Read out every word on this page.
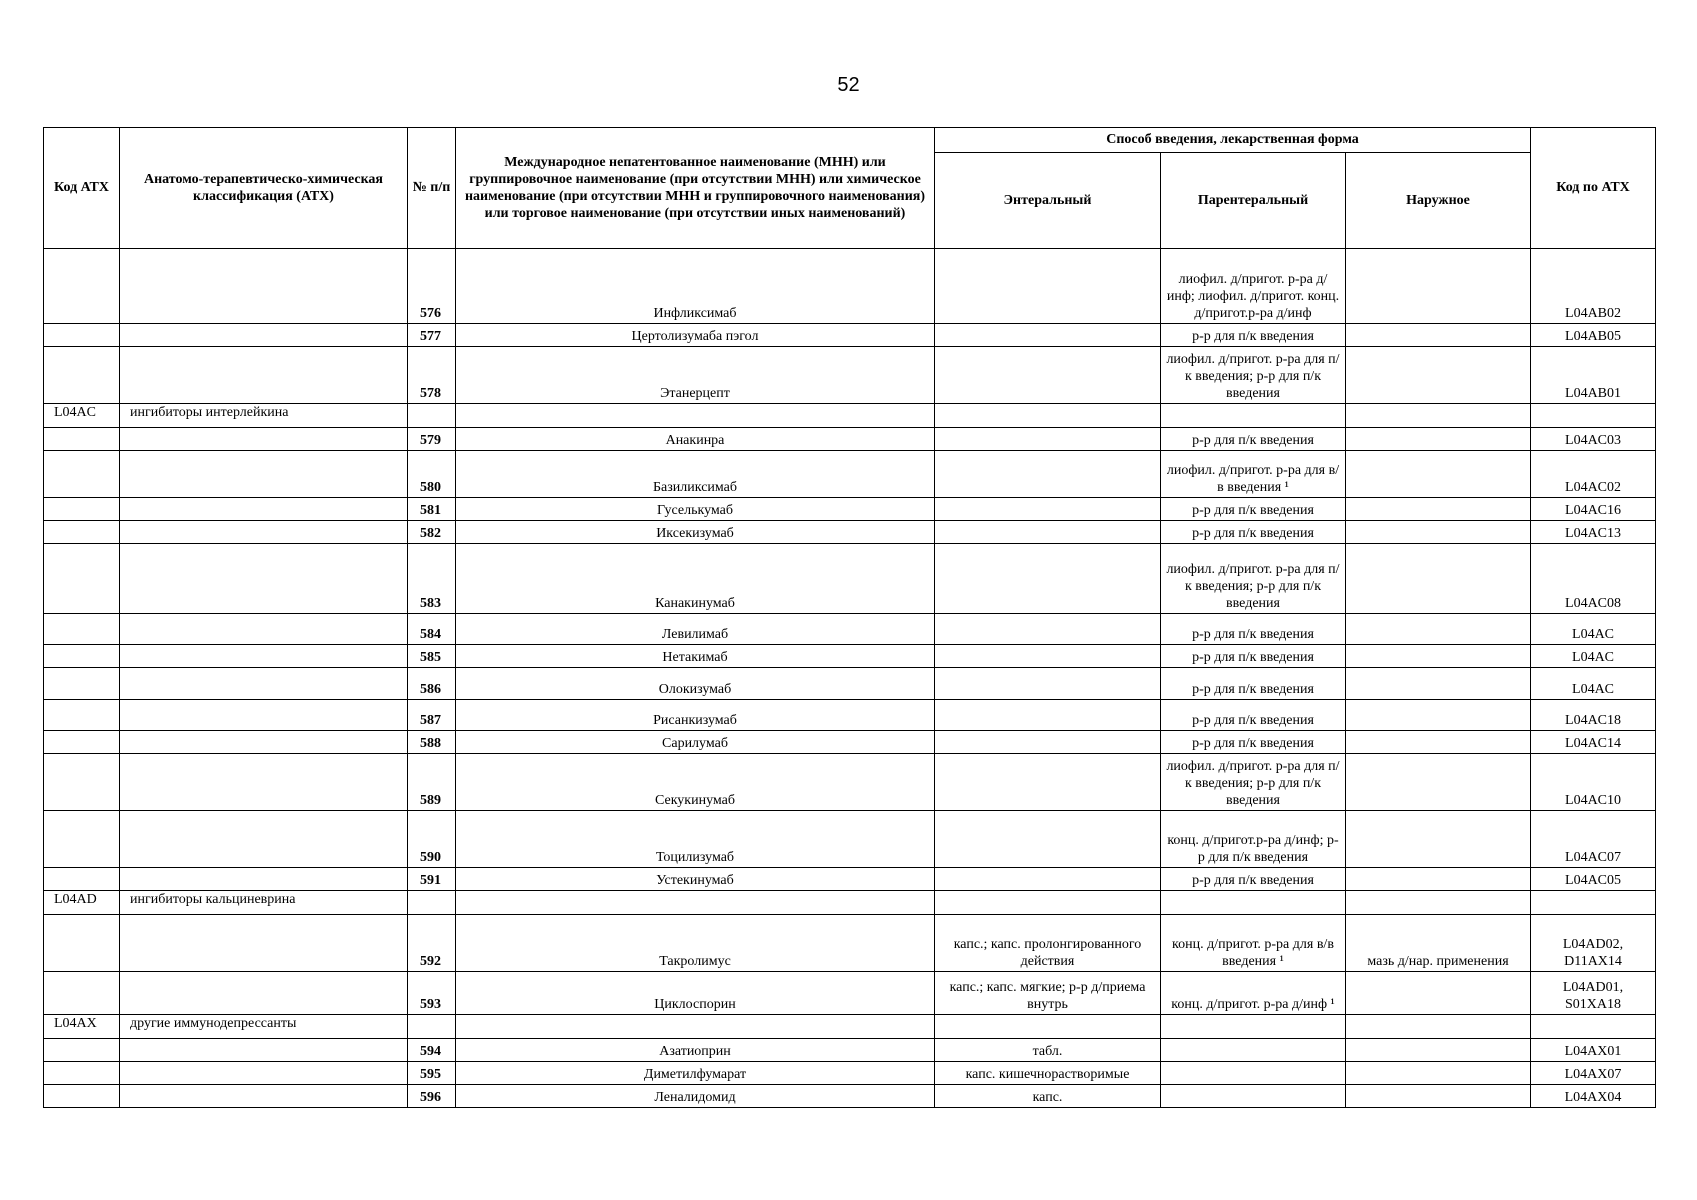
52
Код АТХ	Анатомо-терапевтическо-химическая классификация (АТХ)	№ п/п	Международное непатентованное наименование (МНН) или группировочное наименование (при отсутствии МНН) или химическое наименование (при отсутствии МНН и группировочного наименования) или торговое наименование (при отсутствии иных наименований)	Способ введения, лекарственная форма			Код по АТХ
				Энтеральный	Парентеральный	Наружное	
		576	Инфликсимаб		лиофил. д/пригот. р-ра д/инф; лиофил. д/пригот. конц. д/пригот.р-ра д/инф		L04AB02
		577	Цертолизумаба пэгол		р-р для п/к введения		L04AB05
		578	Этанерцепт		лиофил. д/пригот. р-ра для п/к введения; р-р для п/к введения		L04AB01
L04AC	ингибиторы интерлейкина						
		579	Анакинра		р-р для п/к введения		L04AC03
		580	Базиликсимаб		лиофил. д/пригот. р-ра для в/в введения ¹		L04AC02
		581	Гуселькумаб		р-р для п/к введения		L04AC16
		582	Иксекизумаб		р-р для п/к введения		L04AC13
		583	Канакинумаб		лиофил. д/пригот. р-ра для п/к введения; р-р для п/к введения		L04AC08
		584	Левилимаб		р-р для п/к введения		L04AC
		585	Нетакимаб		р-р для п/к введения		L04AC
		586	Олокизумаб		р-р для п/к введения		L04AC
		587	Рисанкизумаб		р-р для п/к введения		L04AC18
		588	Сарилумаб		р-р для п/к введения		L04AC14
		589	Секукинумаб		лиофил. д/пригот. р-ра для п/к введения; р-р для п/к введения		L04AC10
		590	Тоцилизумаб		конц. д/пригот.р-ра д/инф; р-р для п/к введения		L04AC07
		591	Устекинумаб		р-р для п/к введения		L04AC05
L04AD	ингибиторы кальциневрина						
		592	Такролимус	капс.; капс. пролонгированного действия	конц. д/пригот. р-ра для в/в введения ¹	мазь д/нар. применения	L04AD02, D11AX14
		593	Циклоспорин	капс.; капс. мягкие; р-р д/приема внутрь	конц. д/пригот. р-ра д/инф ¹		L04AD01, S01XA18
L04AX	другие иммунодепрессанты						
		594	Азатиоприн	табл.			L04AX01
		595	Диметилфумарат	капс. кишечнорастворимые			L04AX07
		596	Леналидомид	капс.			L04AX04
